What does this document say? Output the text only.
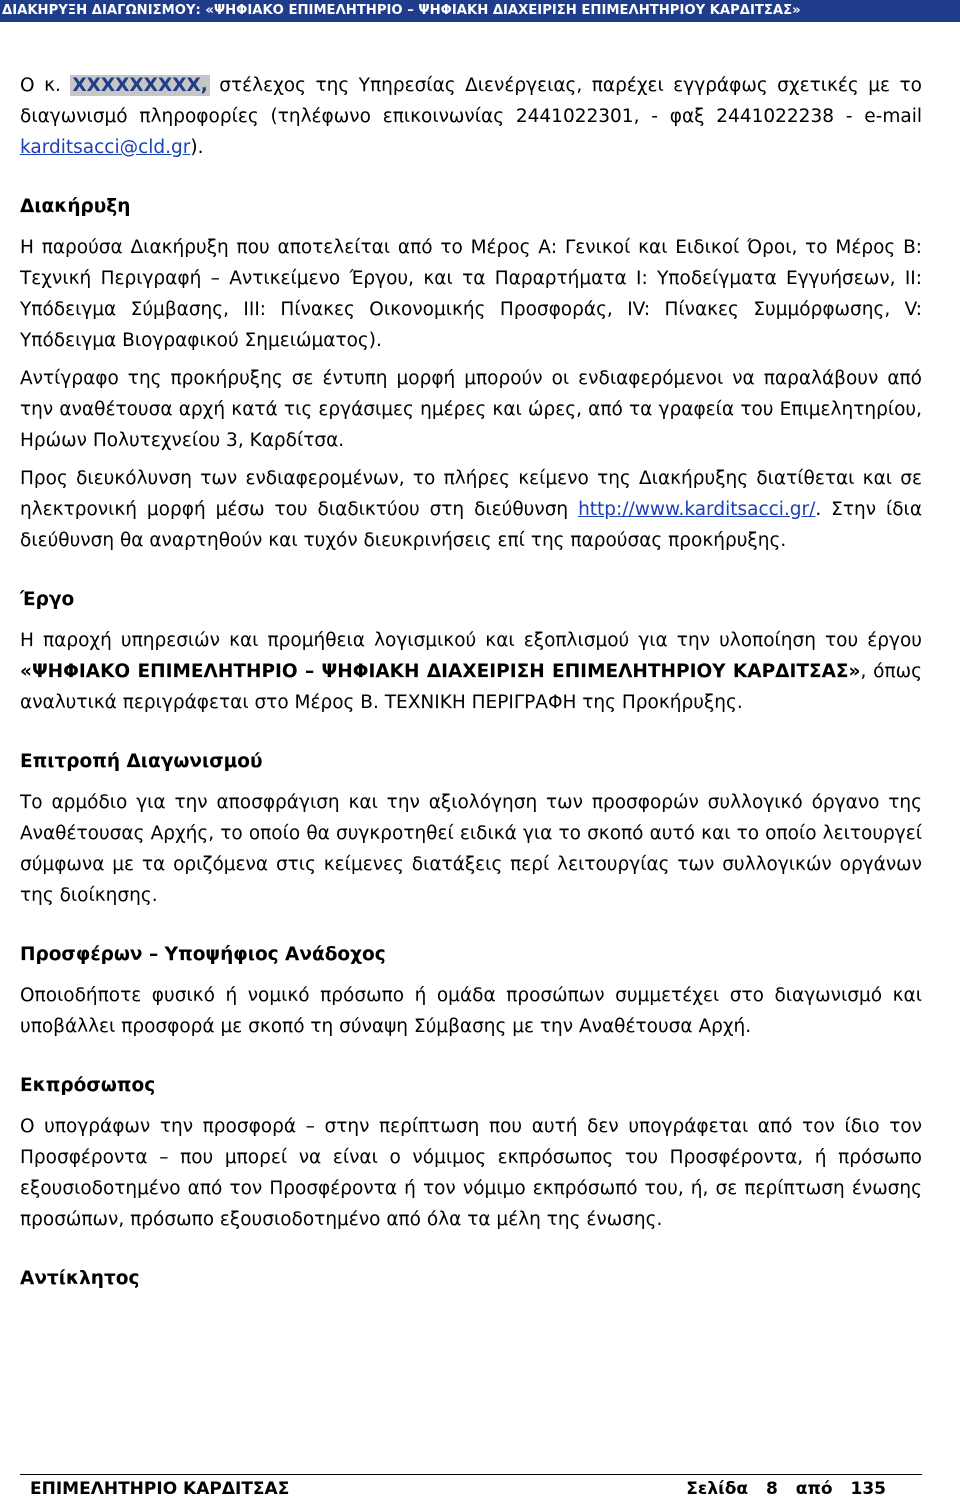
ΔΙΑΚΗΡΥΞΗ ΔΙΑΓΩΝΙΣΜΟΥ: «ΨΗΦΙΑΚΟ ΕΠΙΜΕΛΗΤΗΡΙΟ – ΨΗΦΙΑΚΗ ΔΙΑΧΕΙΡΙΣΗ ΕΠΙΜΕΛΗΤΗΡΙΟΥ ΚΑΡΔΙΤΣΑΣ»

Ο κ. XXXXXXXXX, στέλεχος της Υπηρεσίας Διενέργειας, παρέχει εγγράφως σχετικές με το διαγωνισμό πληροφορίες (τηλέφωνο επικοινωνίας 2441022301, - φαξ 2441022238 - e-mail karditsacci@cld.gr).

Διακήρυξη

Η παρούσα Διακήρυξη που αποτελείται από το Μέρος Α: Γενικοί και Ειδικοί Όροι, το Μέρος Β: Τεχνική Περιγραφή – Αντικείμενο Έργου, και τα Παραρτήματα Ι: Υποδείγματα Εγγυήσεων, ΙΙ: Υπόδειγμα Σύμβασης, ΙΙΙ: Πίνακες Οικονομικής Προσφοράς, ΙV: Πίνακες Συμμόρφωσης, V: Υπόδειγμα Βιογραφικού Σημειώματος).

Αντίγραφο της προκήρυξης σε έντυπη μορφή μπορούν οι ενδιαφερόμενοι να παραλάβουν από την αναθέτουσα αρχή κατά τις εργάσιμες ημέρες και ώρες, από τα γραφεία του Επιμελητηρίου, Ηρώων Πολυτεχνείου 3, Καρδίτσα.

Προς διευκόλυνση των ενδιαφερομένων, το πλήρες κείμενο της Διακήρυξης διατίθεται και σε ηλεκτρονική μορφή μέσω του διαδικτύου στη διεύθυνση http://www.karditsacci.gr/. Στην ίδια διεύθυνση θα αναρτηθούν και τυχόν διευκρινήσεις επί της παρούσας προκήρυξης.

Έργο

Η παροχή υπηρεσιών και προμήθεια λογισμικού και εξοπλισμού για την υλοποίηση του έργου «ΨΗΦΙΑΚΟ ΕΠΙΜΕΛΗΤΗΡΙΟ – ΨΗΦΙΑΚΗ ΔΙΑΧΕΙΡΙΣΗ ΕΠΙΜΕΛΗΤΗΡΙΟΥ ΚΑΡΔΙΤΣΑΣ», όπως αναλυτικά περιγράφεται στο Μέρος Β. ΤΕΧΝΙΚΗ ΠΕΡΙΓΡΑΦΗ της Προκήρυξης.

Επιτροπή Διαγωνισμού

Το αρμόδιο για την αποσφράγιση και την αξιολόγηση των προσφορών συλλογικό όργανο της Αναθέτουσας Αρχής, το οποίο θα συγκροτηθεί ειδικά για το σκοπό αυτό και το οποίο λειτουργεί σύμφωνα με τα οριζόμενα στις κείμενες διατάξεις περί λειτουργίας των συλλογικών οργάνων της διοίκησης.

Προσφέρων – Υποψήφιος Ανάδοχος

Οποιοδήποτε φυσικό ή νομικό πρόσωπο ή ομάδα προσώπων συμμετέχει στο διαγωνισμό και υποβάλλει προσφορά με σκοπό τη σύναψη Σύμβασης με την Αναθέτουσα Αρχή.

Εκπρόσωπος

Ο υπογράφων την προσφορά – στην περίπτωση που αυτή δεν υπογράφεται από τον ίδιο τον Προσφέροντα – που μπορεί να είναι ο νόμιμος εκπρόσωπος του Προσφέροντα, ή πρόσωπο εξουσιοδοτημένο από τον Προσφέροντα ή τον νόμιμο εκπρόσωπό του, ή, σε περίπτωση ένωσης προσώπων, πρόσωπο εξουσιοδοτημένο από όλα τα μέλη της ένωσης.

Αντίκλητος
ΕΠΙΜΕΛΗΤΗΡΙΟ ΚΑΡΔΙΤΣΑΣ	Σελίδα 8 από 135
